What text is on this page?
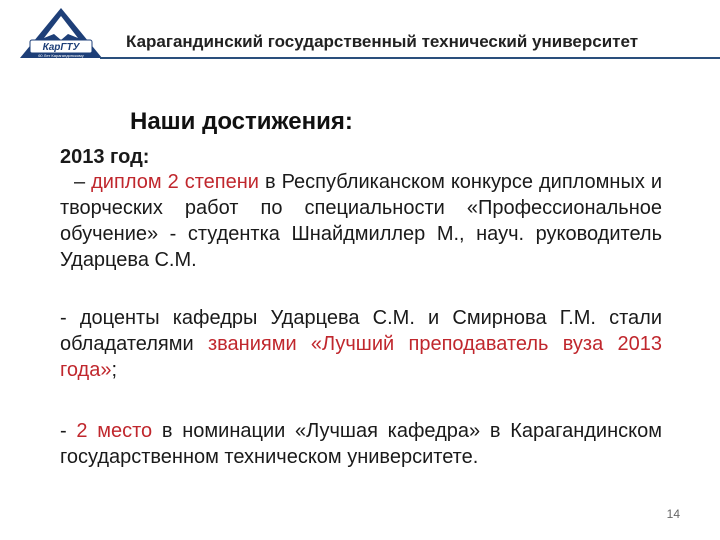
КарГТУ
60 Лет Карагандинскому
Карагандинский государственный технический университет
Наши достижения:
2013 год:
– диплом 2 степени в Республиканском конкурсе дипломных и творческих работ по специальности «Профессиональное обучение» - студентка Шнайдмиллер М., науч. руководитель Ударцева С.М.
- доценты кафедры Ударцева С.М. и Смирнова Г.М. стали обладателями званиями «Лучший преподаватель вуза 2013 года»;
- 2 место в номинации «Лучшая кафедра» в Карагандинском государственном техническом университете.
14
